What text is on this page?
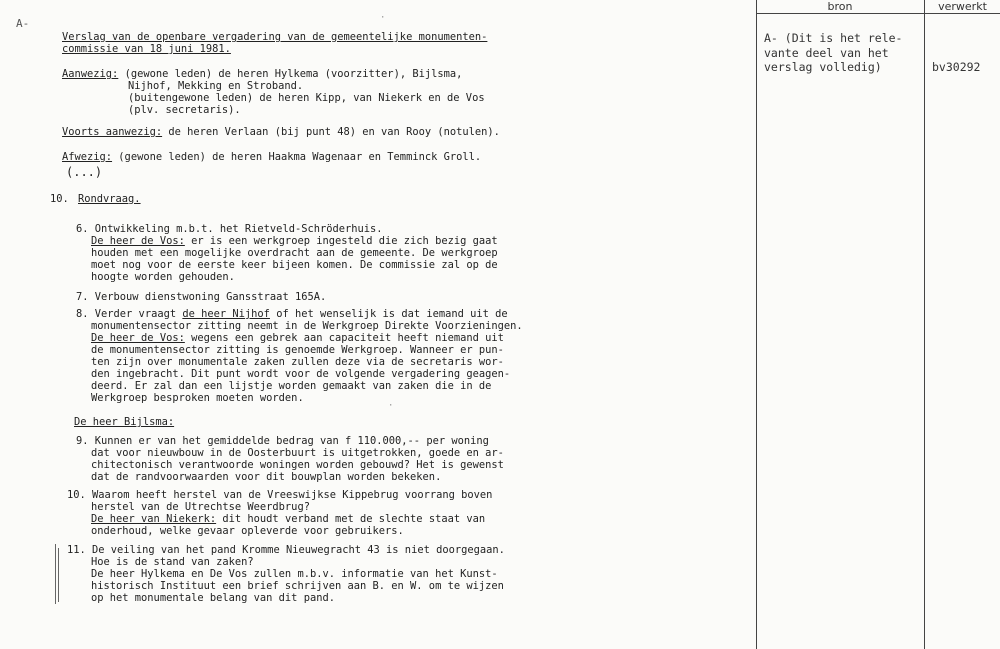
A-
Verslag van de openbare vergadering van de gemeentelijke monumenten-
commissie van 18 juni 1981.
Aanwezig: (gewone leden) de heren Hylkema (voorzitter), Bijlsma,
Nijhof, Mekking en Stroband.
(buitengewone leden) de heren Kipp, van Niekerk en de Vos
(plv. secretaris).
Voorts aanwezig: de heren Verlaan (bij punt 48) en van Rooy (notulen).
Afwezig: (gewone leden) de heren Haakma Wagenaar en Temminck Groll.
(...)
10. Rondvraag.
6. Ontwikkeling m.b.t. het Rietveld-Schröderhuis.
De heer de Vos: er is een werkgroep ingesteld die zich bezig gaat
houden met een mogelijke overdracht aan de gemeente. De werkgroep
moet nog voor de eerste keer bijeen komen. De commissie zal op de
hoogte worden gehouden.
7. Verbouw dienstwoning Gansstraat 165A.
8. Verder vraagt de heer Nijhof of het wenselijk is dat iemand uit de
monumentensector zitting neemt in de Werkgroep Direkte Voorzieningen.
De heer de Vos: wegens een gebrek aan capaciteit heeft niemand uit
de monumentensector zitting is genoemde Werkgroep. Wanneer er pun-
ten zijn over monumentale zaken zullen deze via de secretaris wor-
den ingebracht. Dit punt wordt voor de volgende vergadering geagen-
deerd. Er zal dan een lijstje worden gemaakt van zaken die in de
Werkgroep besproken moeten worden.
De heer Bijlsma:
9. Kunnen er van het gemiddelde bedrag van f 110.000,-- per woning
dat voor nieuwbouw in de Oosterbuurt is uitgetrokken, goede en ar-
chitectonisch verantwoorde woningen worden gebouwd? Het is gewenst
dat de randvoorwaarden voor dit bouwplan worden bekeken.
10. Waarom heeft herstel van de Vreeswijkse Kippebrug voorrang boven
herstel van de Utrechtse Weerdbrug?
De heer van Niekerk: dit houdt verband met de slechte staat van
onderhoud, welke gevaar opleverde voor gebruikers.
11. De veiling van het pand Kromme Nieuwegracht 43 is niet doorgegaan.
Hoe is de stand van zaken?
De heer Hylkema en De Vos zullen m.b.v. informatie van het Kunst-
historisch Instituut een brief schrijven aan B. en W. om te wijzen
op het monumentale belang van dit pand.
·
·
bron	verwerkt
A- (Dit is het rele-
vante deel van het
verslag volledig)	bv30292
